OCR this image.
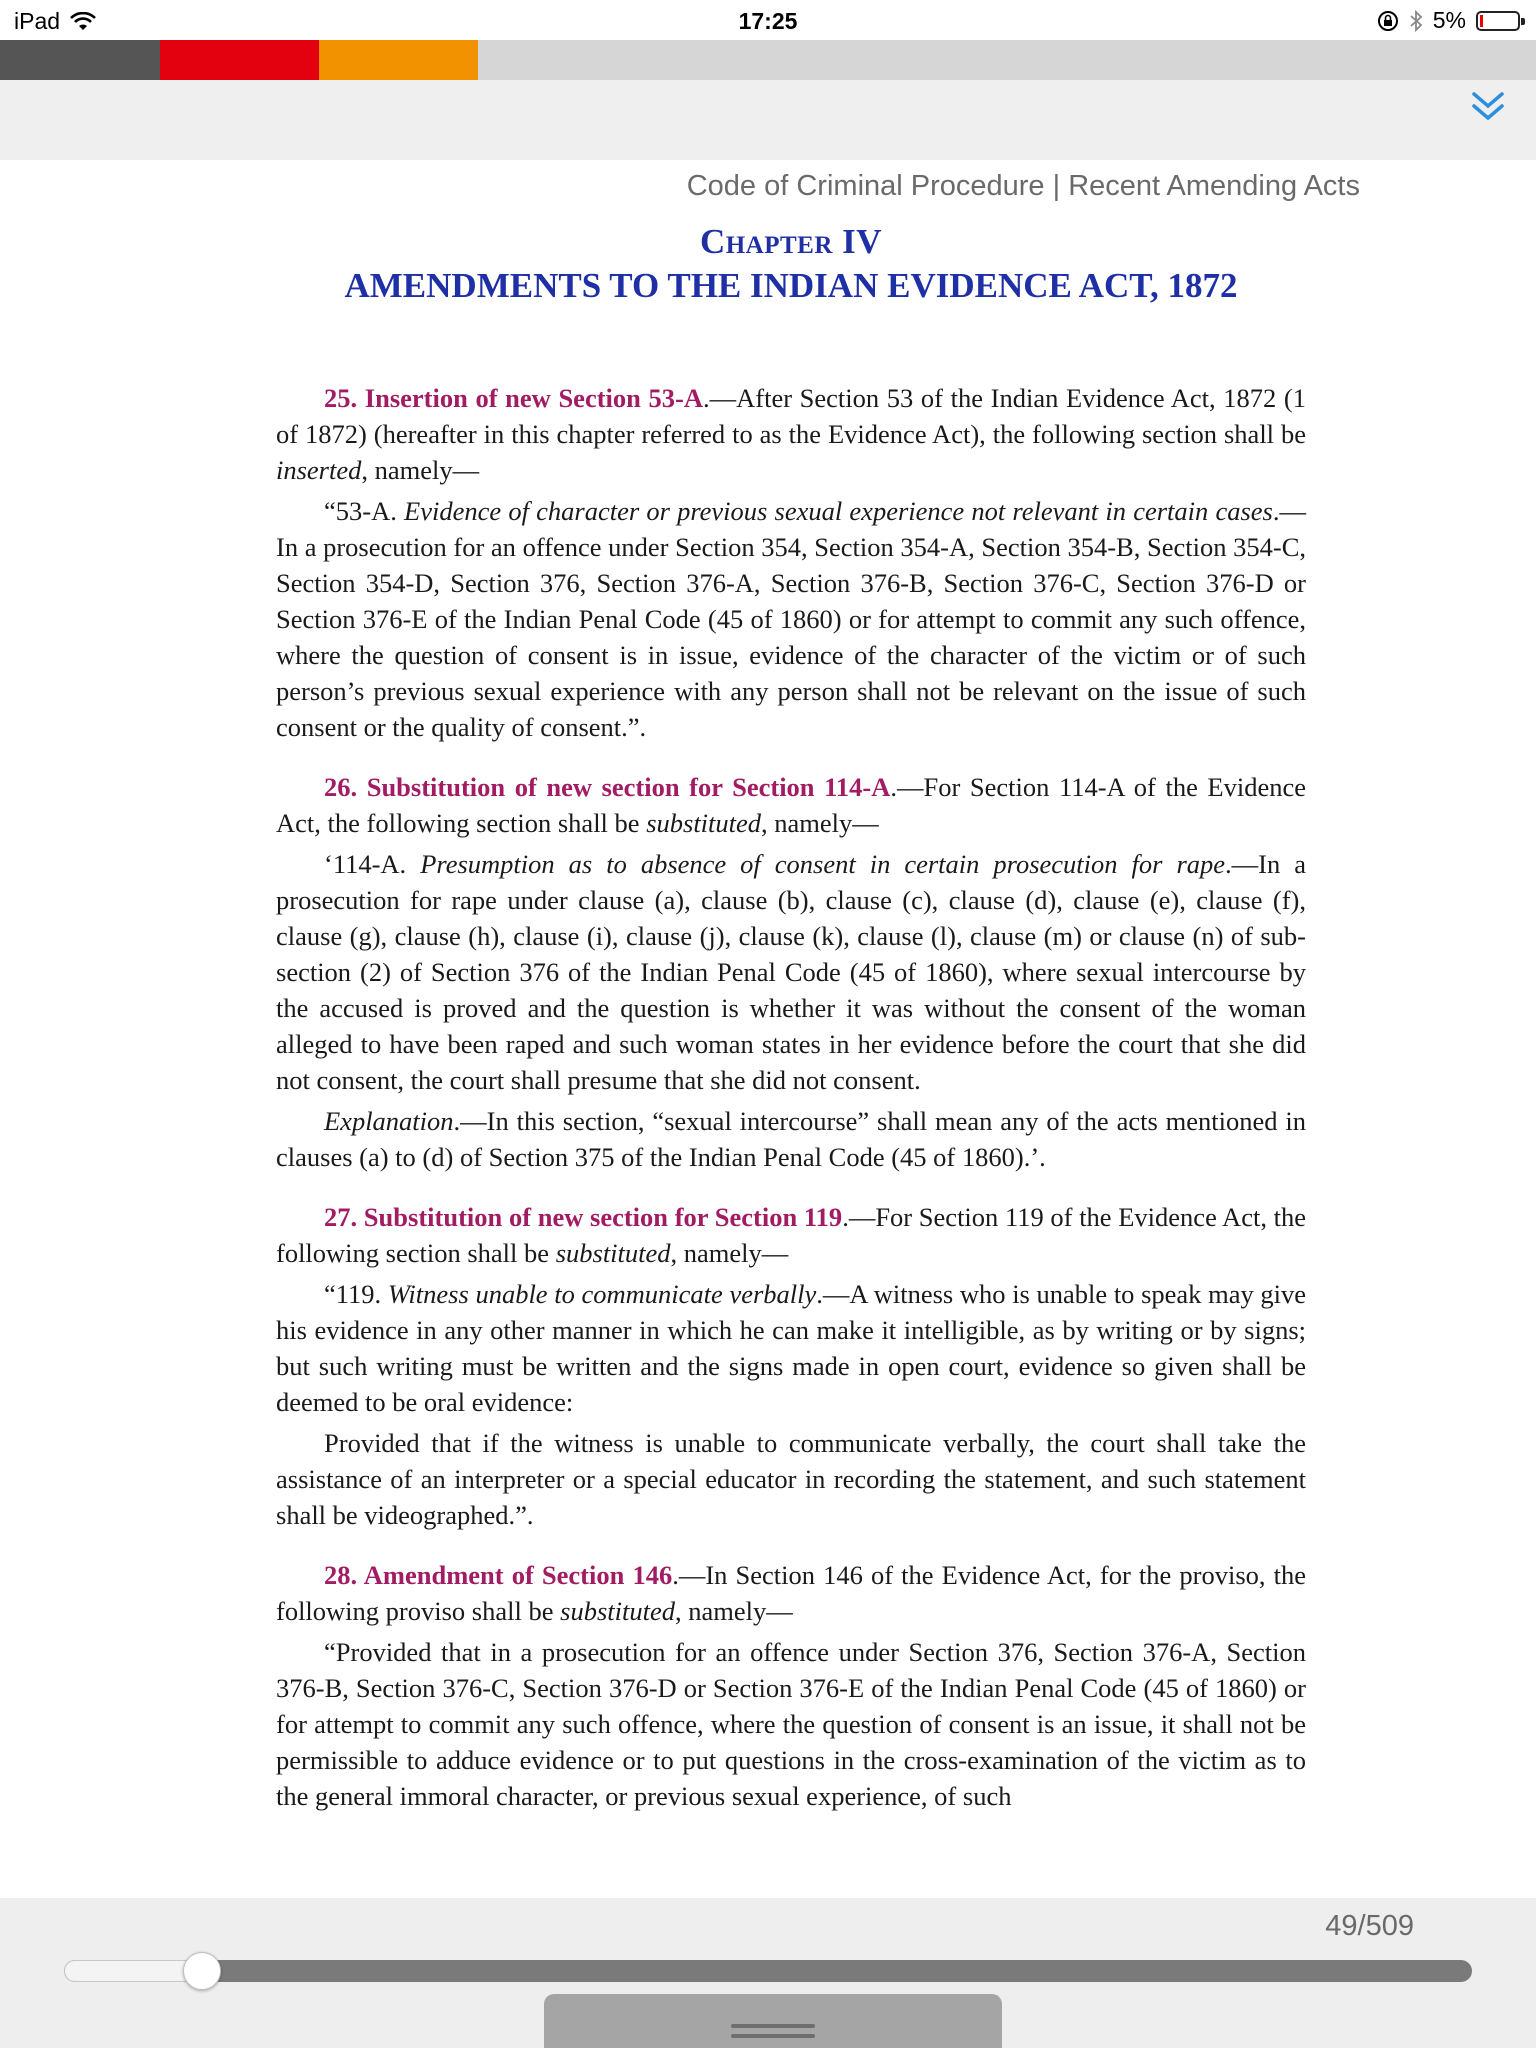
iPad	17:25	5%
Code of Criminal Procedure | Recent Amending Acts
Chapter IV
AMENDMENTS TO THE INDIAN EVIDENCE ACT, 1872

25. Insertion of new Section 53-A.—After Section 53 of the Indian Evidence Act, 1872 (1 of 1872) (hereafter in this chapter referred to as the Evidence Act), the following section shall be inserted, namely—

“53-A. Evidence of character or previous sexual experience not relevant in certain cases.—In a prosecution for an offence under Section 354, Section 354-A, Section 354-B, Section 354-C, Section 354-D, Section 376, Section 376-A, Section 376-B, Section 376-C, Section 376-D or Section 376-E of the Indian Penal Code (45 of 1860) or for attempt to commit any such offence, where the question of consent is in issue, evidence of the character of the victim or of such person’s previous sexual experience with any person shall not be relevant on the issue of such consent or the quality of consent.”.

26. Substitution of new section for Section 114-A.—For Section 114-A of the Evidence Act, the following section shall be substituted, namely—

‘114-A. Presumption as to absence of consent in certain prosecution for rape.—In a prosecution for rape under clause (a), clause (b), clause (c), clause (d), clause (e), clause (f), clause (g), clause (h), clause (i), clause (j), clause (k), clause (l), clause (m) or clause (n) of sub-section (2) of Section 376 of the Indian Penal Code (45 of 1860), where sexual intercourse by the accused is proved and the question is whether it was without the consent of the woman alleged to have been raped and such woman states in her evidence before the court that she did not consent, the court shall presume that she did not consent.

Explanation.—In this section, “sexual intercourse” shall mean any of the acts mentioned in clauses (a) to (d) of Section 375 of the Indian Penal Code (45 of 1860).’.

27. Substitution of new section for Section 119.—For Section 119 of the Evidence Act, the following section shall be substituted, namely—

“119. Witness unable to communicate verbally.—A witness who is unable to speak may give his evidence in any other manner in which he can make it intelligible, as by writing or by signs; but such writing must be written and the signs made in open court, evidence so given shall be deemed to be oral evidence:

Provided that if the witness is unable to communicate verbally, the court shall take the assistance of an interpreter or a special educator in recording the statement, and such statement shall be videographed.”.

28. Amendment of Section 146.—In Section 146 of the Evidence Act, for the proviso, the following proviso shall be substituted, namely—

“Provided that in a prosecution for an offence under Section 376, Section 376-A, Section 376-B, Section 376-C, Section 376-D or Section 376-E of the Indian Penal Code (45 of 1860) or for attempt to commit any such offence, where the question of consent is an issue, it shall not be permissible to adduce evidence or to put questions in the cross-examination of the victim as to the general immoral character, or previous sexual experience, of such

49/509
